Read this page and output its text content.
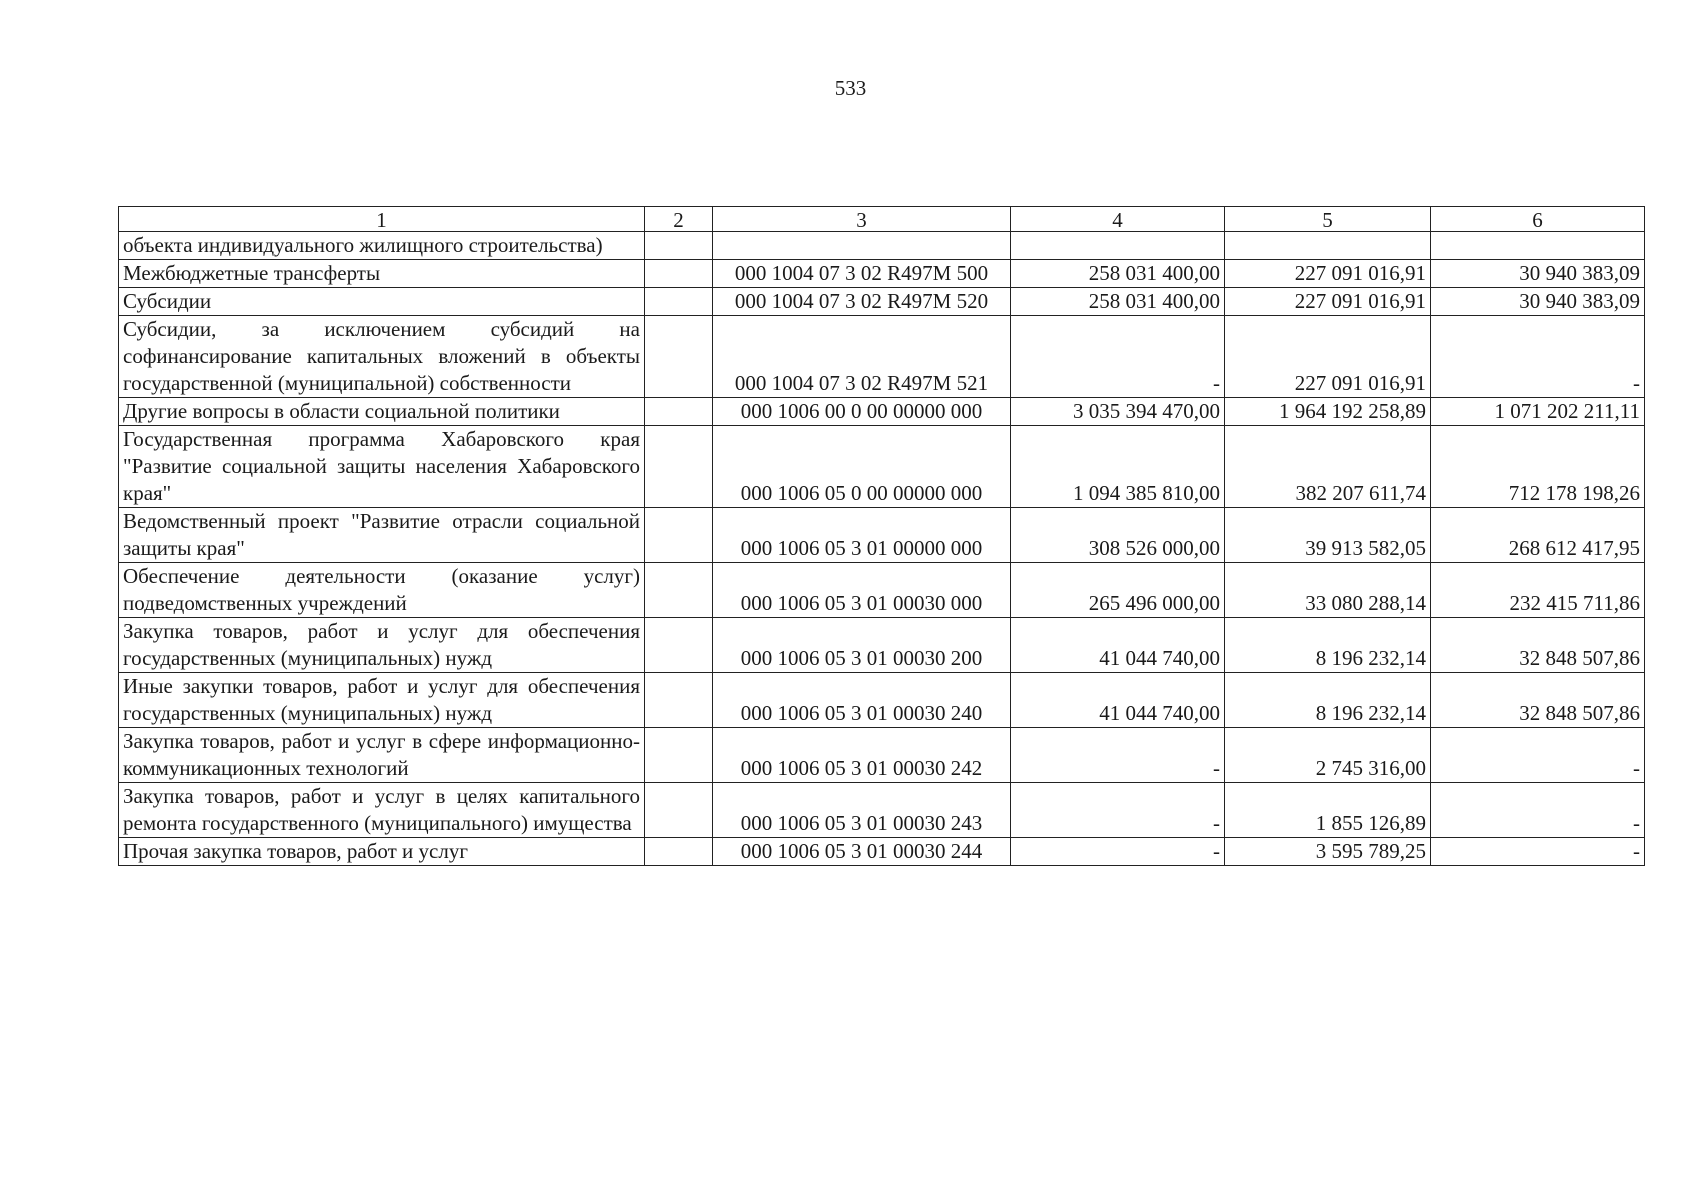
533
1	2	3	4	5	6
объекта индивидуального жилищного строительства)					
Межбюджетные трансферты		000 1004 07 3 02 R497M 500	258 031 400,00	227 091 016,91	30 940 383,09
Субсидии		000 1004 07 3 02 R497M 520	258 031 400,00	227 091 016,91	30 940 383,09
Субсидии, за исключением субсидий на софинансирование капитальных вложений в объекты государственной (муниципальной) собственности		000 1004 07 3 02 R497M 521	-	227 091 016,91	-
Другие вопросы в области социальной политики		000 1006 00 0 00 00000 000	3 035 394 470,00	1 964 192 258,89	1 071 202 211,11
Государственная программа Хабаровского края "Развитие социальной защиты населения Хабаровского края"		000 1006 05 0 00 00000 000	1 094 385 810,00	382 207 611,74	712 178 198,26
Ведомственный проект "Развитие отрасли социальной защиты края"		000 1006 05 3 01 00000 000	308 526 000,00	39 913 582,05	268 612 417,95
Обеспечение деятельности (оказание услуг) подведомственных учреждений		000 1006 05 3 01 00030 000	265 496 000,00	33 080 288,14	232 415 711,86
Закупка товаров, работ и услуг для обеспечения государственных (муниципальных) нужд		000 1006 05 3 01 00030 200	41 044 740,00	8 196 232,14	32 848 507,86
Иные закупки товаров, работ и услуг для обеспечения государственных (муниципальных) нужд		000 1006 05 3 01 00030 240	41 044 740,00	8 196 232,14	32 848 507,86
Закупка товаров, работ и услуг в сфере информационно-коммуникационных технологий		000 1006 05 3 01 00030 242	-	2 745 316,00	-
Закупка товаров, работ и услуг в целях капитального ремонта государственного (муниципального) имущества		000 1006 05 3 01 00030 243	-	1 855 126,89	-
Прочая закупка товаров, работ и услуг		000 1006 05 3 01 00030 244	-	3 595 789,25	-
